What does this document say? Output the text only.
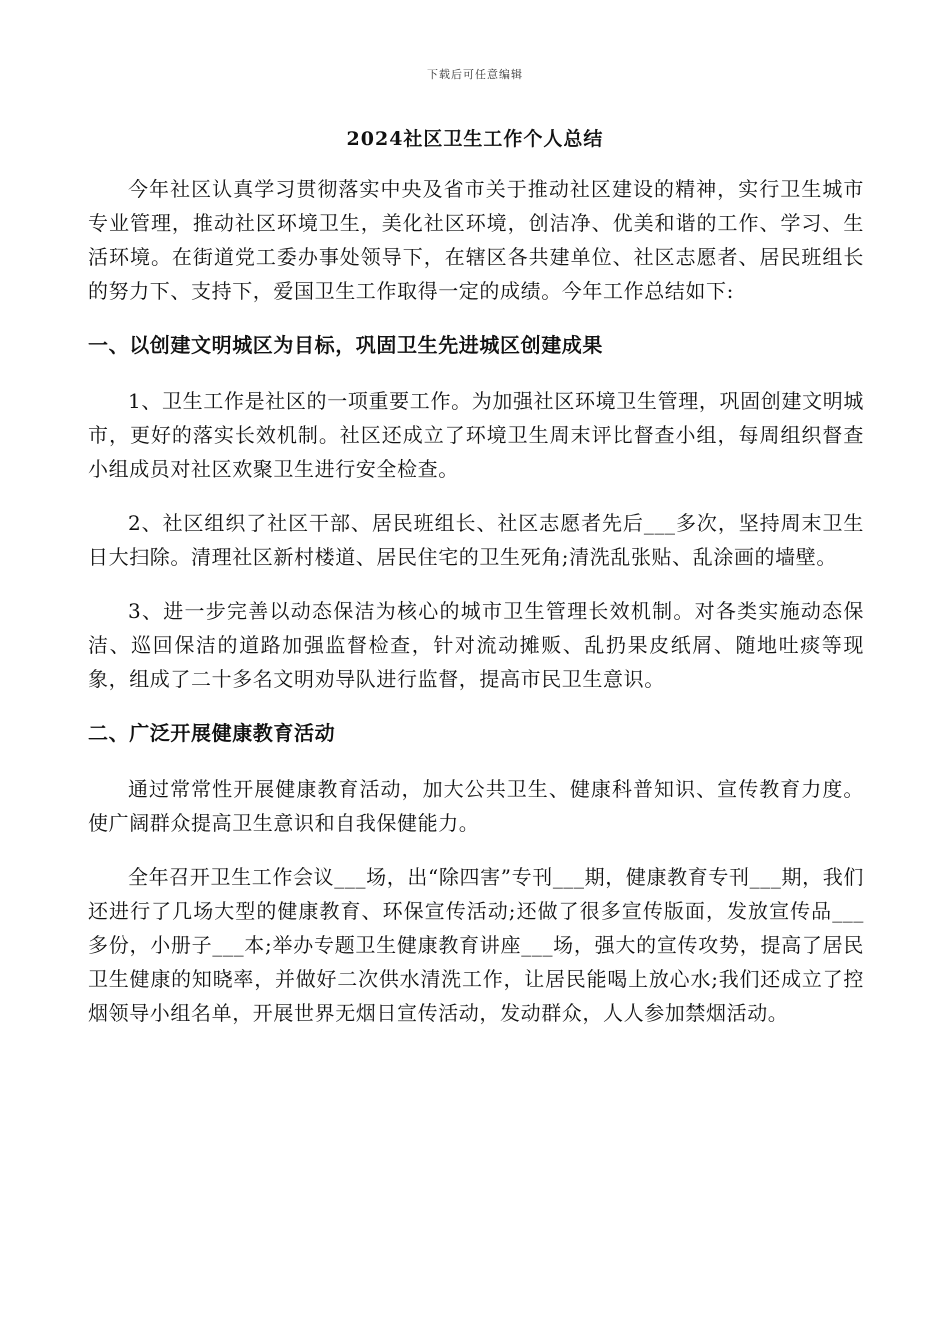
下载后可任意编辑
2024社区卫生工作个人总结

今年社区认真学习贯彻落实中央及省市关于推动社区建设的精神，实行卫生城市专业管理，推动社区环境卫生，美化社区环境，创洁净、优美和谐的工作、学习、生活环境。在街道党工委办事处领导下，在辖区各共建单位、社区志愿者、居民班组长的努力下、支持下，爱国卫生工作取得一定的成绩。今年工作总结如下:

一、以创建文明城区为目标，巩固卫生先进城区创建成果

1、卫生工作是社区的一项重要工作。为加强社区环境卫生管理，巩固创建文明城市，更好的落实长效机制。社区还成立了环境卫生周末评比督查小组，每周组织督查小组成员对社区欢聚卫生进行安全检查。

2、社区组织了社区干部、居民班组长、社区志愿者先后___多次，坚持周末卫生日大扫除。清理社区新村楼道、居民住宅的卫生死角;清洗乱张贴、乱涂画的墙壁。

3、进一步完善以动态保洁为核心的城市卫生管理长效机制。对各类实施动态保洁、巡回保洁的道路加强监督检查，针对流动摊贩、乱扔果皮纸屑、随地吐痰等现象，组成了二十多名文明劝导队进行监督，提高市民卫生意识。

二、广泛开展健康教育活动

通过常常性开展健康教育活动，加大公共卫生、健康科普知识、宣传教育力度。使广阔群众提高卫生意识和自我保健能力。

全年召开卫生工作会议___场，出“除四害”专刊___期，健康教育专刊___期，我们还进行了几场大型的健康教育、环保宣传活动;还做了很多宣传版面，发放宣传品___多份，小册子___本;举办专题卫生健康教育讲座___场，强大的宣传攻势，提高了居民卫生健康的知晓率，并做好二次供水清洗工作，让居民能喝上放心水;我们还成立了控烟领导小组名单，开展世界无烟日宣传活动，发动群众，人人参加禁烟活动。
